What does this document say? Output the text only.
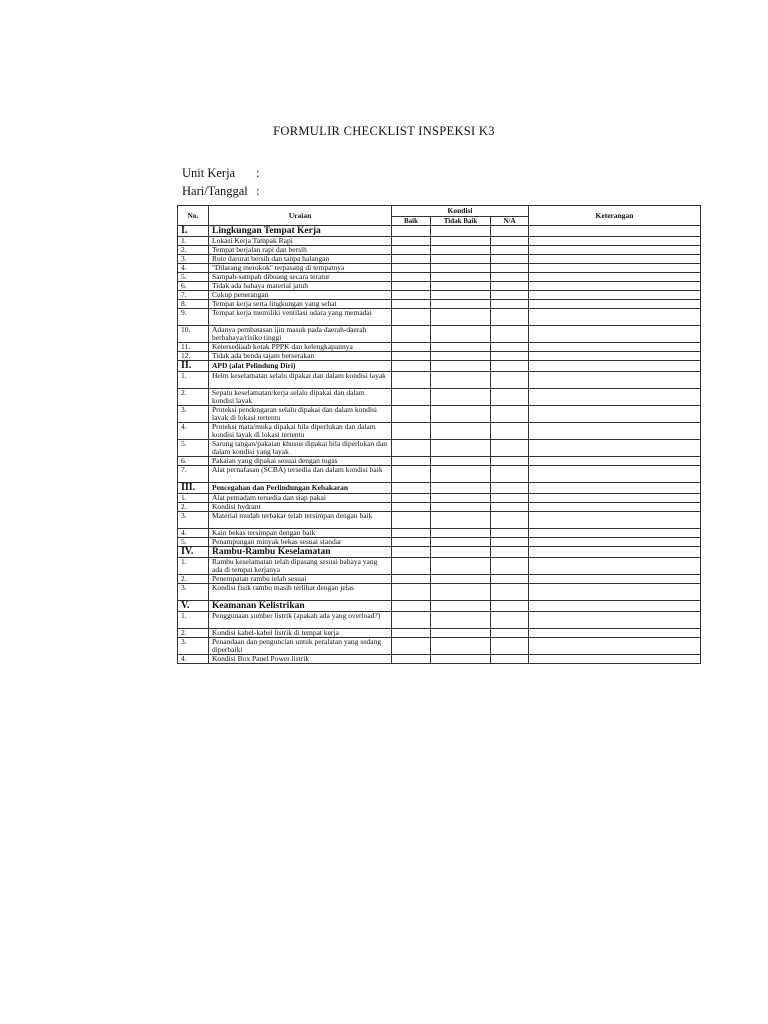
FORMULIR CHECKLIST INSPEKSI K3
Unit Kerja :
Hari/Tanggal :
No.	Uraian	Kondisi			Keterangan
		Baik	Tidak Baik	N/A	
I.	Lingkungan Tempat Kerja				
1.	Lokasi Kerja Tampak Rapi				
2.	Tempat berjalan rapi dan bersih				
3.	Rute darurat bersih dan tanpa halangan				
4.	"Dilarang merokok" terpasang di tempatnya				
5.	Sampah-sampah dibuang secara teratur				
6.	Tidak ada bahaya material jatuh				
7.	Cukup penerangan				
8.	Tempat kerja serta lingkungan yang sehat				
9.	Tempat kerja memiliki ventilasi udara yang memadai				
10.	Adanya pembatasan ijin masuk pada daerah-daerah berbahaya/risiko tinggi				
11.	Ketersediaab kotak PPPK dan kelengkapannya				
12.	Tidak ada benda tajam berserakan				
II.	APD (alat Pelindung Diri)				
1.	Helm keselamatan selalu dipakai dan dalam kondisi layak				
2.	Sepatu keselamatan/kerja selalu dipakai dan dalam kondisi layak				
3.	Proteksi pendengaran selalu dipakai dan dalam kondisi layak di lokasi tertentu				
4.	Proteksi mata/muka dipakai bila diperlukan dan dalam kondisi layak di lokasi tertentu				
5.	Sarung tangan/pakaian khusus dipakai bila diperlukan dan dalam kondisi yang layak				
6.	Pakaian yang dipakai sesuai dengan tugas				
7.	Alat pernafasan (SCBA) tersedia dan dalam kondisi baik				
III.	Pencegahan dan Perlindungan Kebakaran				
1.	Alat pemadam tersedia dan siap pakai				
2.	Kondisi hydrant				
3.	Material mudah terbakar telah tersimpan dengan baik				
4.	Kain bekas tersimpan dengan baik				
5.	Penampungan minyak bekas sesuai standar				
IV.	Rambu-Rambu Keselamatan				
1.	Rambu keselamatan telah dipasang sesuai bahaya yang ada di tempat kerjanya				
2.	Penempatan rambu telah sesuai				
3.	Kondisi fisik rambu masih terlihat dengan jelas				
V.	Keamanan Kelistrikan				
1.	Penggunaan sumber listrik (apakah ada yang overload?)				
2.	Kondisi kabel-kabel listrik di tempat kerja				
3.	Penandaan dan penguncian untuk peralatan yang sedang diperbaiki				
4.	Kondisi Box Panel Power listrik				
